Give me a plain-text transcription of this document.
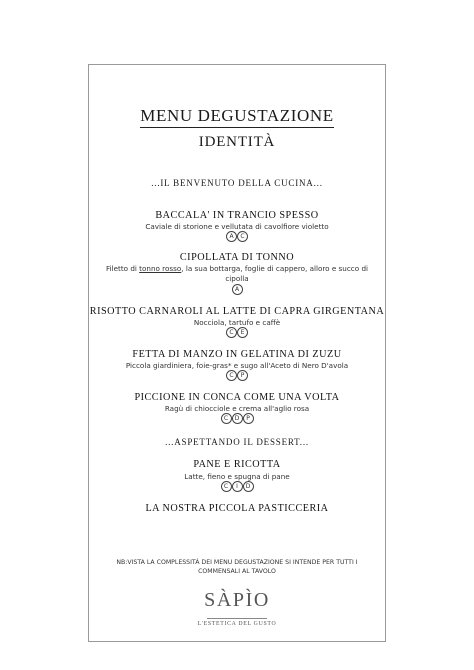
MENU DEGUSTAZIONE
IDENTITÀ
...IL BENVENUTO DELLA CUCINA...
BACCALA' IN TRANCIO SPESSO
Caviale di storione e vellutata di cavolfiore violetto
A	C
CIPOLLATA DI TONNO
Filetto di tonno rosso, la sua bottarga, foglie di cappero, alloro e succo di
cipolla
A
RISOTTO CARNAROLI AL LATTE DI CAPRA GIRGENTANA
Nocciola, tartufo e caffè
C	E
FETTA DI MANZO IN GELATINA DI ZUZU
Piccola giardiniera, foie-gras* e sugo all'Aceto di Nero D'avola
C	P
PICCIONE IN CONCA COME UNA VOLTA
Ragù di chiocciole e crema all'aglio rosa
C	D	P
...ASPETTANDO IL DESSERT...
PANE E RICOTTA
Latte, fieno e spugna di pane
C	I	D
LA NOSTRA PICCOLA PASTICCERIA
NB:VISTA LA COMPLESSITÀ DEI MENU DEGUSTAZIONE SI INTENDE PER TUTTI I COMMENSALI AL TAVOLO
SÀPÌO
L'ESTETICA DEL GUSTO
